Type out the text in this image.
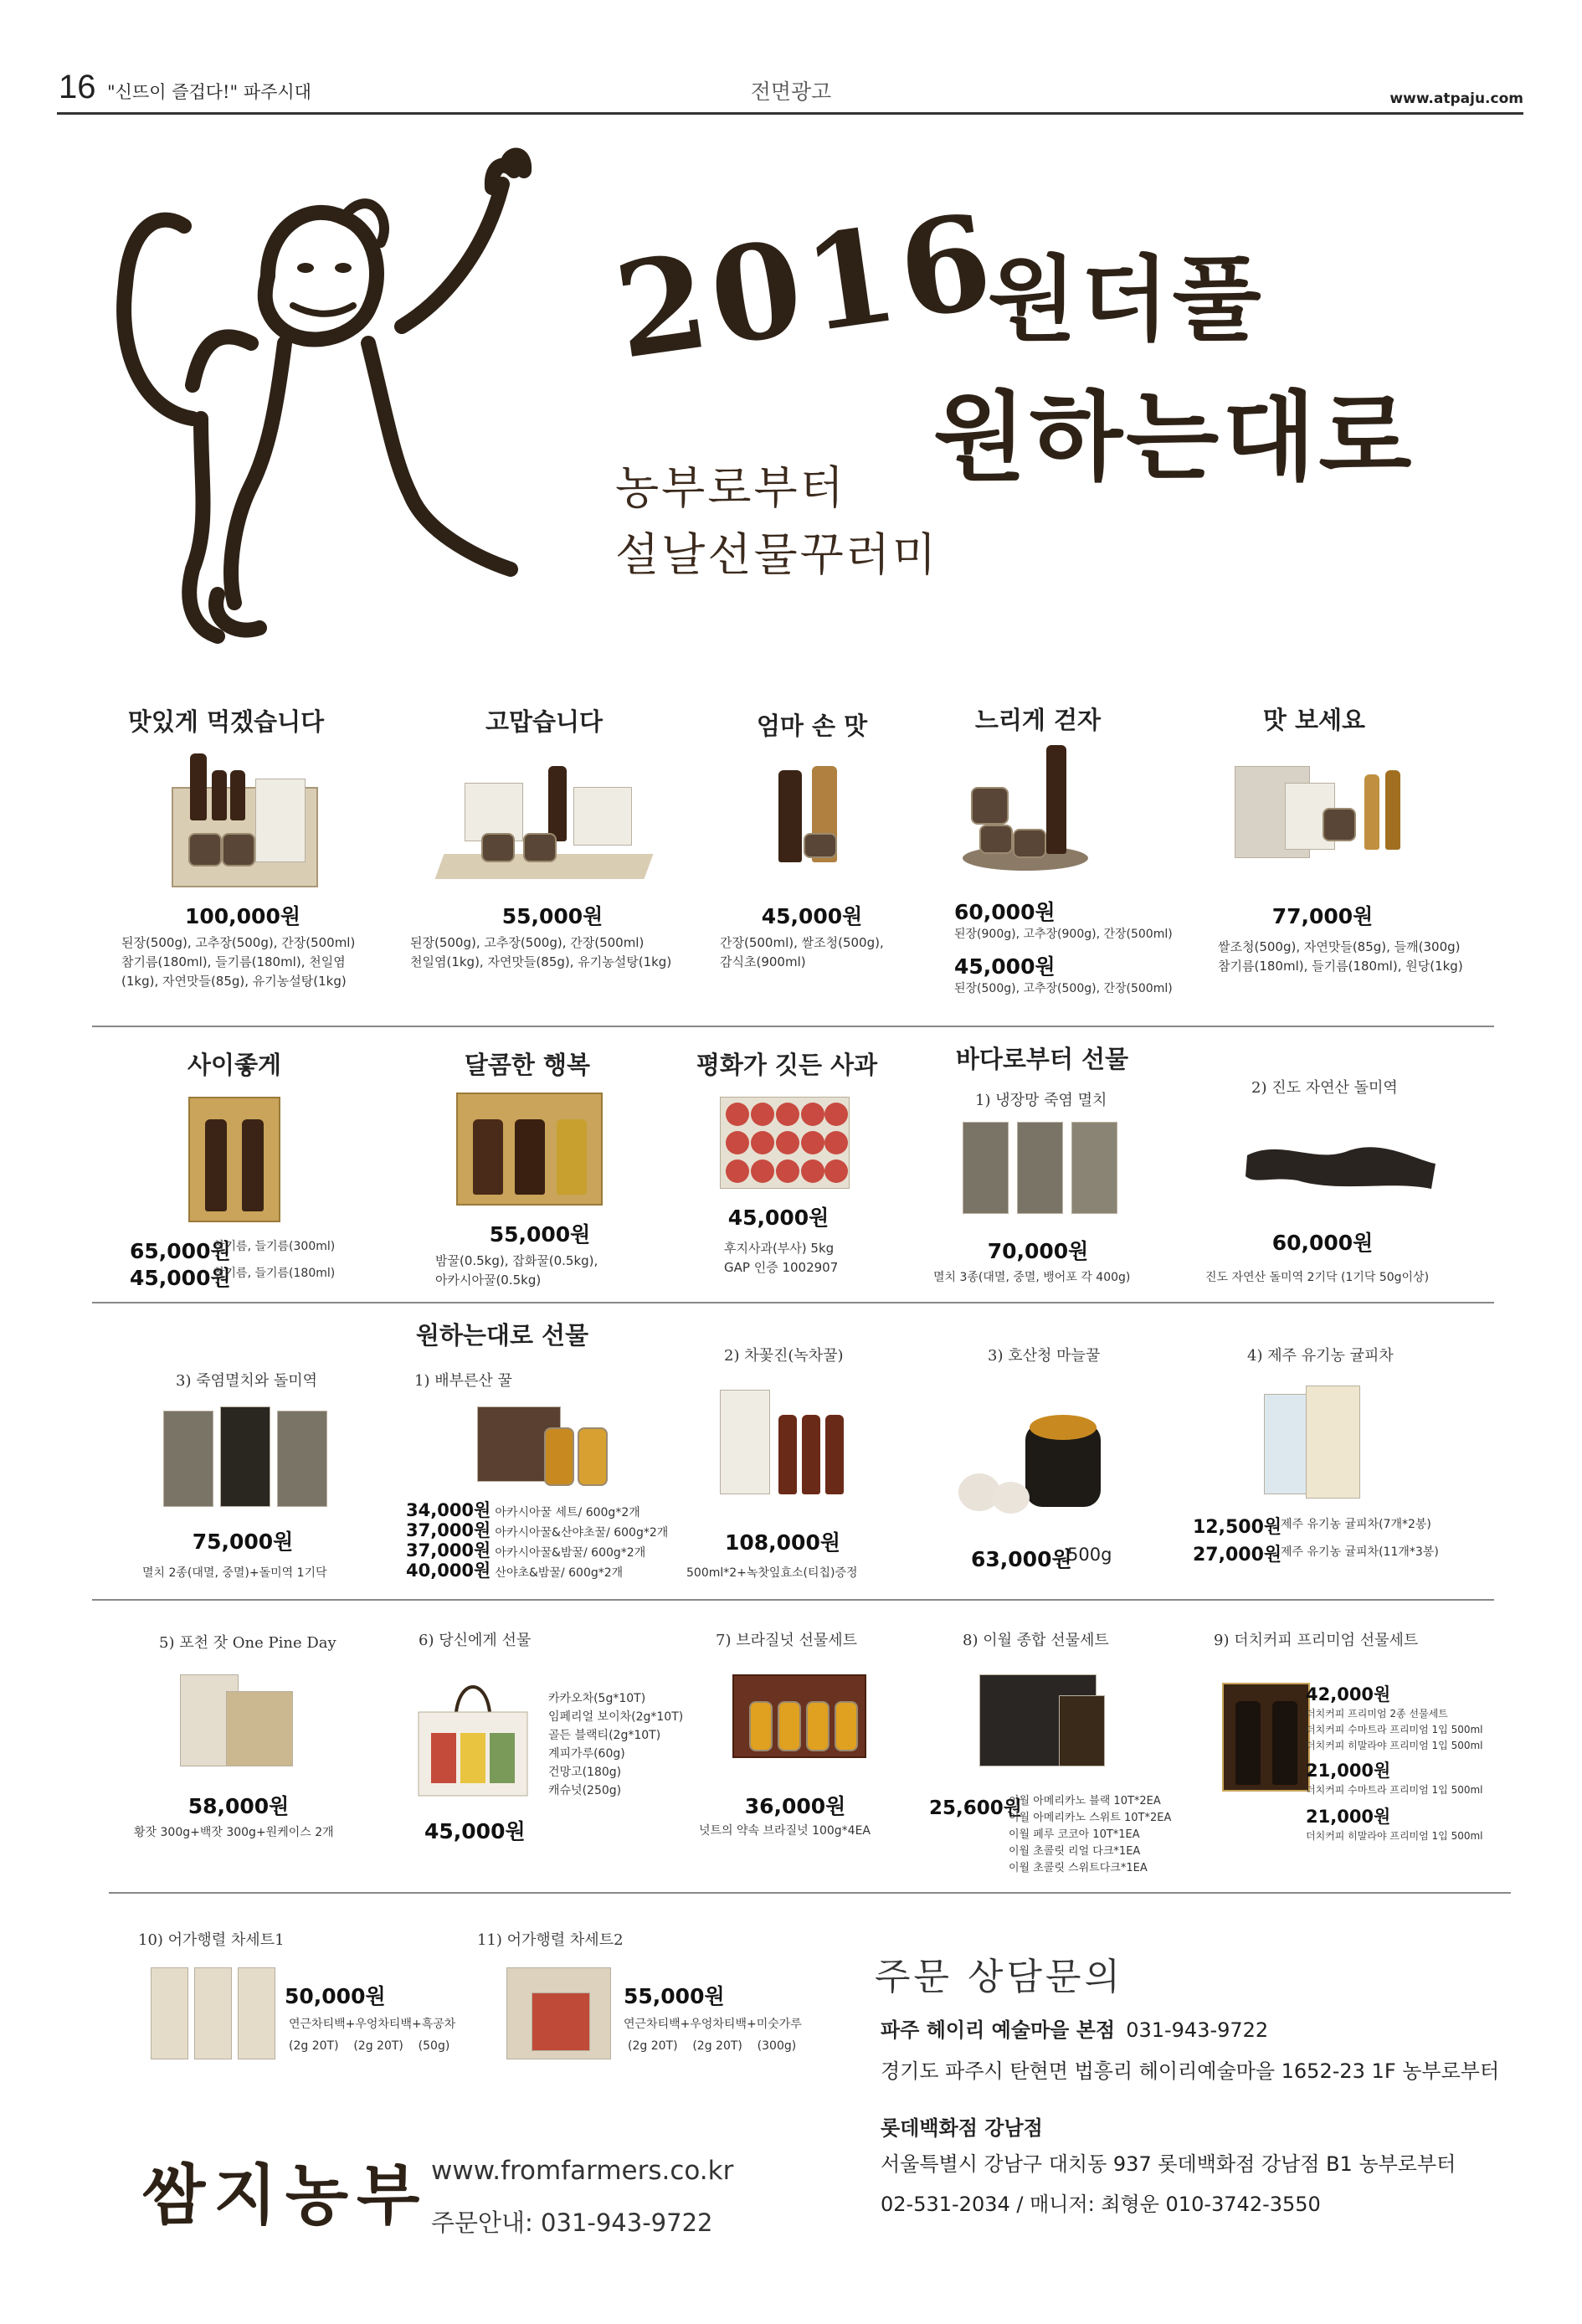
16 "신뜨이 즐겁다!" 파주시대	전면광고	www.atpaju.com
2016
원더풀
원하는대로
농부로부터
설날선물꾸러미
맛있게 먹겠습니다	고맙습니다	엄마 손 맛	느리게 걷자	맛 보세요
100,000원
된장(500g), 고추장(500g), 간장(500ml)
참기름(180ml), 들기름(180ml), 천일염
(1kg), 자연맛들(85g), 유기농설탕(1kg)
55,000원
된장(500g), 고추장(500g), 간장(500ml)
천일염(1kg), 자연맛들(85g), 유기농설탕(1kg)
45,000원
간장(500ml), 쌀조청(500g),
감식초(900ml)
60,000원
된장(900g), 고추장(900g), 간장(500ml)
45,000원
된장(500g), 고추장(500g), 간장(500ml)
77,000원
쌀조청(500g), 자연맛들(85g), 들깨(300g)
참기름(180ml), 들기름(180ml), 원당(1kg)
사이좋게	달콤한 행복	평화가 깃든 사과	바다로부터 선물
1) 냉장망 죽염 멸치
2) 진도 자연산 돌미역
65,000원
참기름, 들기름(300ml)
45,000원
참기름, 들기름(180ml)
55,000원
밤꿀(0.5kg), 잡화꿀(0.5kg),
아카시아꿀(0.5kg)
45,000원
후지사과(부사) 5kg
GAP 인증 1002907
70,000원
멸치 3종(대멸, 중멸, 뱅어포 각 400g)
60,000원
진도 자연산 돌미역 2기닥 (1기닥 50g이상)
원하는대로 선물
3) 죽염멸치와 돌미역	1) 배부른산 꿀
2) 차꽃진(녹차꿀)	3) 호산청 마늘꿀	4) 제주 유기농 귤피차
75,000원
멸치 2종(대멸, 중멸)+돌미역 1기닥
34,000원 아카시아꿀 세트/ 600g*2개
37,000원 아카시아꿀&산야초꿀/ 600g*2개
37,000원 아카시아꿀&밤꿀/ 600g*2개
40,000원 산야초&밤꿀/ 600g*2개
108,000원
500ml*2+녹찻잎효소(티칩)증정
63,000원
500g
12,500원
제주 유기농 귤피차(7개*2봉)
27,000원
제주 유기농 귤피차(11개*3봉)
5) 포천 잣 One Pine Day	6) 당신에게 선물	7) 브라질넛 선물세트	8) 이월 종합 선물세트	9) 더치커피 프리미엄 선물세트
58,000원
황잣 300g+백잣 300g+원케이스 2개
카카오차(5g*10T)
임페리얼 보이차(2g*10T)
골든 블랙티(2g*10T)
계피가루(60g)
건망고(180g)
캐슈넛(250g)
45,000원
36,000원
넛트의 약속 브라질넛 100g*4EA
25,600원
이월 아메리카노 블랙 10T*2EA
이월 아메리카노 스위트 10T*2EA
이월 페루 코코아 10T*1EA
이월 초콜릿 리얼 다크*1EA
이월 초콜릿 스위트다크*1EA
42,000원
더치커피 프리미엄 2종 선물세트
더치커피 수마트라 프리미엄 1입 500ml
더치커피 히말라야 프리미엄 1입 500ml
21,000원
더치커피 수마트라 프리미엄 1입 500ml
21,000원
더치커피 히말라야 프리미엄 1입 500ml
10) 어가행렬 차세트1	11) 어가행렬 차세트2
50,000원
연근차티백+우엉차티백+흑공차
(2g 20T)    (2g 20T)    (50g)
55,000원
연근차티백+우엉차티백+미숫가루
(2g 20T)    (2g 20T)    (300g)
주문 상담문의
파주 헤이리 예술마을 본점 031-943-9722
경기도 파주시 탄현면 법흥리 헤이리예술마을 1652-23 1F 농부로부터
롯데백화점 강남점
서울특별시 강남구 대치동 937 롯데백화점 강남점 B1 농부로부터
02-531-2034 / 매니저: 최형운 010-3742-3550
쌈지농부 www.fromfarmers.co.kr
주문안내: 031-943-9722
